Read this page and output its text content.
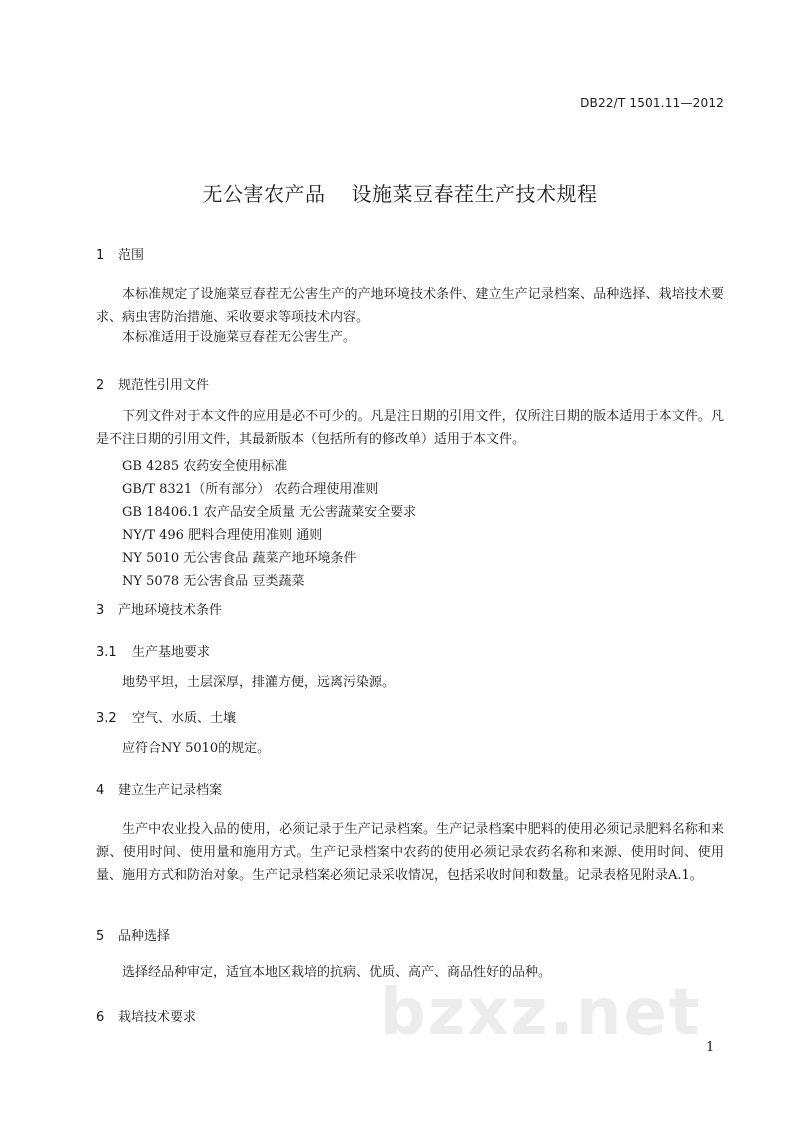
DB22/T 1501.11—2012
无公害农产品 设施菜豆春茬生产技术规程
1 范围

本标准规定了设施菜豆春茬无公害生产的产地环境技术条件、建立生产记录档案、品种选择、栽培技术要求、病虫害防治措施、采收要求等项技术内容。

本标准适用于设施菜豆春茬无公害生产。

2 规范性引用文件

下列文件对于本文件的应用是必不可少的。凡是注日期的引用文件，仅所注日期的版本适用于本文件。凡是不注日期的引用文件，其最新版本（包括所有的修改单）适用于本文件。

GB 4285 农药安全使用标准
GB/T 8321（所有部分） 农药合理使用准则
GB 18406.1 农产品安全质量 无公害蔬菜安全要求
NY/T 496 肥料合理使用准则 通则
NY 5010 无公害食品 蔬菜产地环境条件
NY 5078 无公害食品 豆类蔬菜
3 产地环境技术条件
3.1 生产基地要求

地势平坦，土层深厚，排灌方便，远离污染源。

3.2 空气、水质、土壤

应符合NY 5010的规定。

4 建立生产记录档案

生产中农业投入品的使用，必须记录于生产记录档案。生产记录档案中肥料的使用必须记录肥料名称和来源、使用时间、使用量和施用方式。生产记录档案中农药的使用必须记录农药名称和来源、使用时间、使用量、施用方式和防治对象。生产记录档案必须记录采收情况，包括采收时间和数量。记录表格见附录A.1。

5 品种选择

选择经品种审定，适宜本地区栽培的抗病、优质、高产、商品性好的品种。

6 栽培技术要求	bzxz.net 1
